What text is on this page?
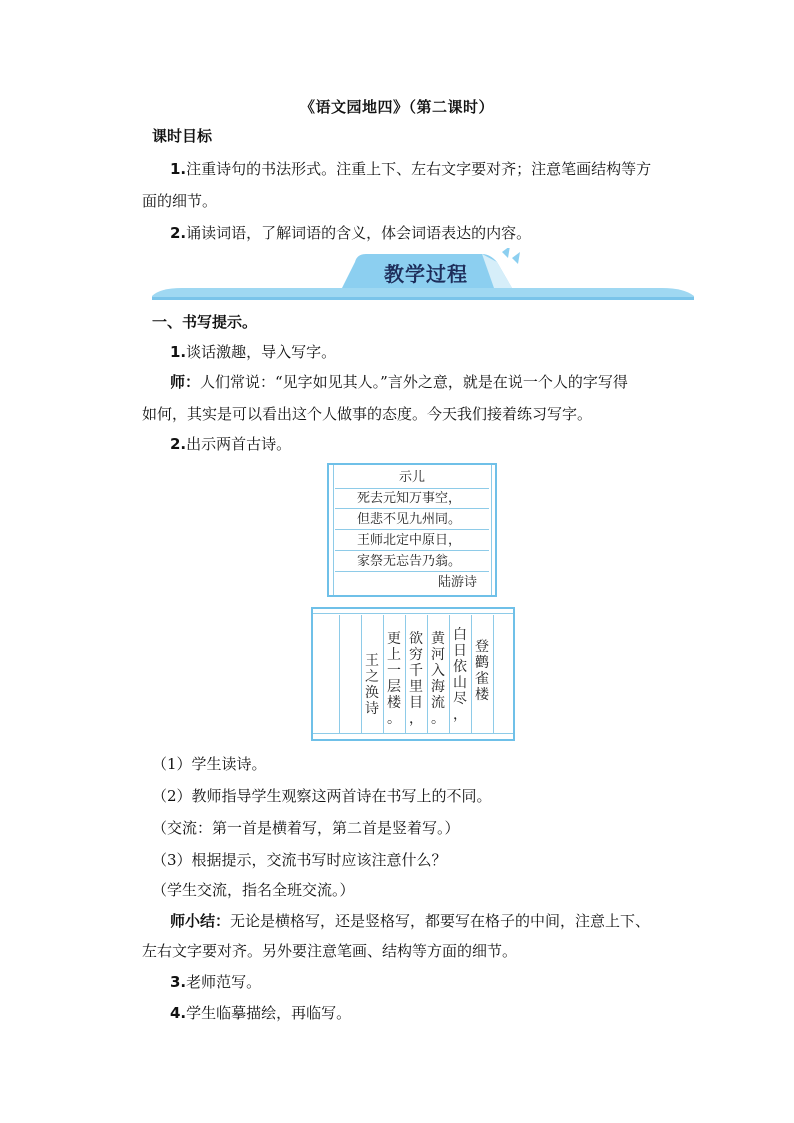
《语文园地四》（第二课时）
课时目标
1.注重诗句的书法形式。注重上下、左右文字要对齐；注意笔画结构等方
面的细节。
2.诵读词语，了解词语的含义，体会词语表达的内容。
教学过程
一、书写提示。
1.谈话激趣，导入写字。
师：人们常说：“见字如见其人。”言外之意，就是在说一个人的字写得
如何，其实是可以看出这个人做事的态度。今天我们接着练习写字。
2.出示两首古诗。
示儿
死去元知万事空，
但悲不见九州同。
王师北定中原日，
家祭无忘告乃翁。
陆游诗
王
之
涣
诗
更
上
一
层
楼
。
欲
穷
千
里
目
，
黄
河
入
海
流
。
白
日
依
山
尽
，
登
鹳
雀
楼
（1）学生读诗。
（2）教师指导学生观察这两首诗在书写上的不同。
（交流：第一首是横着写，第二首是竖着写。）
（3）根据提示，交流书写时应该注意什么？
（学生交流，指名全班交流。）
师小结：无论是横格写，还是竖格写，都要写在格子的中间，注意上下、
左右文字要对齐。另外要注意笔画、结构等方面的细节。
3.老师范写。
4.学生临摹描绘，再临写。
